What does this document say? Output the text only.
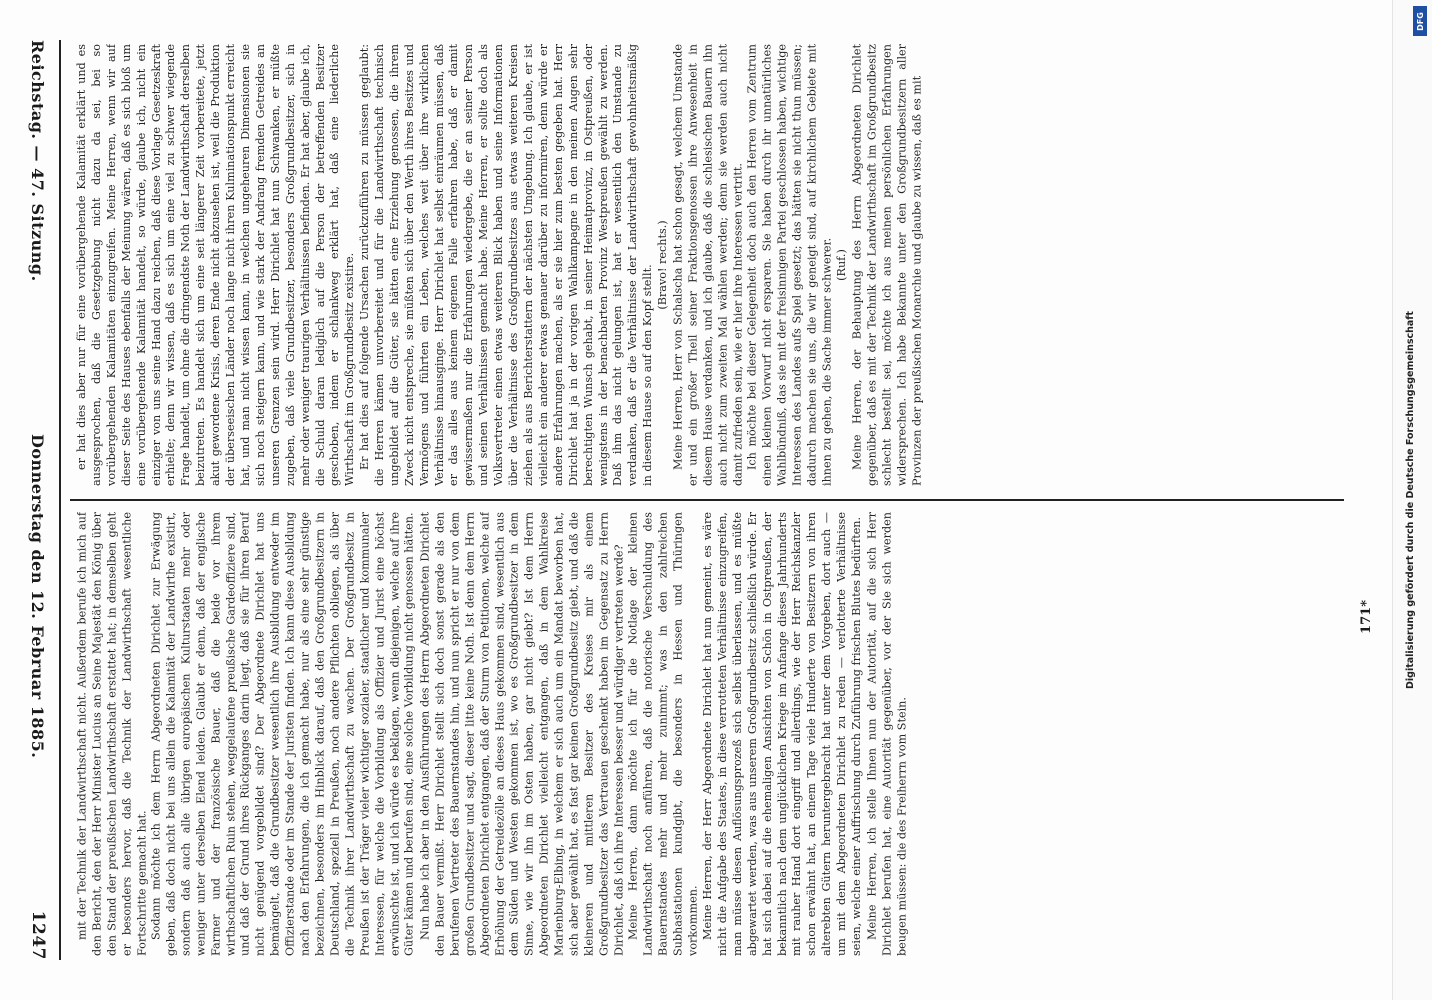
Reichstag. — 47. Sitzung.
Donnerstag den 12. Februar 1885.
1247

er hat dies aber nur für eine vorübergehende Kalamität erklärt und es ausgesprochen, daß die Gesetzgebung nicht dazu da sei, bei so vorübergehenden Kalamitäten einzugreifen. Meine Herren, wenn wir auf dieser Seite des Hauses ebenfalls der Meinung wären, daß es sich bloß um eine vorübergehende Kalamität handelt, so würde, glaube ich, nicht ein einziger von uns seine Hand dazu reichen, daß diese Vorlage Gesetzeskraft erhielte; denn wir wissen, daß es sich um eine viel zu schwer wiegende Frage handelt, um ohne die dringendste Noth der Landwirthschaft derselben beizutreten. Es handelt sich um eine seit längerer Zeit vorbereitete, jetzt akut gewordene Krisis, deren Ende nicht abzusehen ist, weil die Produktion der überseeischen Länder noch lange nicht ihren Kulminationspunkt erreicht hat, und man nicht wissen kann, in welchen ungeheuren Dimensionen sie sich noch steigern kann, und wie stark der Andrang fremden Getreides an unseren Grenzen sein wird. Herr Dirichlet hat nun Schwanken, er müßte zugeben, daß viele Grundbesitzer, besonders Großgrundbesitzer, sich in mehr oder weniger traurigen Verhältnissen befinden. Er hat aber, glaube ich, die Schuld daran lediglich auf die Person der betreffenden Besitzer geschoben, indem er schlankweg erklärt hat, daß eine liederliche Wirthschaft im Großgrundbesitz existire. Er hat dies auf folgende Ursachen zurückzuführen zu müssen geglaubt: die Herren kämen unvorbereitet und für die Landwirthschaft technisch ungebildet auf die Güter, sie hätten eine Erziehung genossen, die ihrem Zweck nicht entspreche, sie müßten sich über den Werth ihres Besitzes und Vermögens und führten ein Leben, welches weit über ihre wirklichen Verhältnisse hinausginge. Herr Dirichlet hat selbst einräumen müssen, daß er das alles aus keinem eigenen Falle erfahren habe, daß er damit gewissermaßen nur die Erfahrungen wiedergebe, die er an seiner Person und seinen Verhältnissen gemacht habe. Meine Herren, er sollte doch als Volksvertreter einen etwas weiteren Blick haben und seine Informationen über die Verhältnisse des Großgrundbesitzes aus etwas weiteren Kreisen ziehen als aus Berichterstattern der nächsten Umgebung. Ich glaube, er ist vielleicht ein anderer etwas genauer darüber zu informiren, denn würde er andere Erfahrungen machen, als er sie hier zum besten gegeben hat. Herr Dirichlet hat ja in der vorigen Wahlkampagne in den meinen Augen sehr berechtigten Wunsch gehabt, in seiner Heimatprovinz, in Ostpreußen, oder wenigstens in der benachbarten Provinz Westpreußen gewählt zu werden. Daß ihm das nicht gelungen ist, hat er wesentlich den Umstande zu verdanken, daß er die Verhältnisse der Landwirthschaft gewohnheitsmäßig in diesem Hause so auf den Kopf stellt. (Bravo! rechts.) Meine Herren, Herr von Schalscha hat schon gesagt, welchem Umstande er und ein großer Theil seiner Fraktionsgenossen ihre Anwesenheit in diesem Hause verdanken, und ich glaube, daß die schlesischen Bauern ihn auch nicht zum zweiten Mal wählen werden; denn sie werden auch nicht damit zufrieden sein, wie er hier ihre Interessen vertritt. Ich möchte bei dieser Gelegenheit doch auch den Herren vom Zentrum einen kleinen Vorwurf nicht ersparen. Sie haben durch ihr unnatürliches Wahlbündniß, das sie mit der freisinnigen Partei geschlossen haben, wichtige Interessen des Landes aufs Spiel gesetzt; das hätten sie nicht thun müssen; dadurch machen sie uns, die wir geneigt sind, auf kirchlichem Gebiete mit ihnen zu gehen, die Sache immer schwerer. (Ruf.) Meine Herren, der Behauptung des Herrn Abgeordneten Dirichlet gegenüber, daß es mit der Technik der Landwirthschaft im Großgrundbesitz schlecht bestellt sei, möchte ich aus meinen persönlichen Erfahrungen widersprechen. Ich habe Bekannte unter den Großgrundbesitzern aller Provinzen der preußischen Monarchie und glaube zu wissen, daß es mit

mit der Technik der Landwirthschaft nicht. Außerdem berufe ich mich auf den Bericht, den der Herr Minister Lucius an Seine Majestät den König über den Stand der preußischen Landwirthschaft erstattet hat; in demselben geht er besonders hervor, daß die Technik der Landwirthschaft wesentliche Fortschritte gemacht hat. Sodann möchte ich dem Herrn Abgeordneten Dirichlet zur Erwägung geben, daß doch nicht bei uns allein die Kalamität der Landwirthe existirt, sondern daß auch alle übrigen europäischen Kulturstaaten mehr oder weniger unter derselben Elend leiden. Glaubt er denn, daß der englische Farmer und der französische Bauer, daß die beide vor ihrem wirthschaftlichen Ruin stehen, weggelaufene preußische Gardeoffiziere sind, und daß der Grund ihres Rückganges darin liegt, daß sie für ihren Beruf nicht genügend vorgebildet sind? Der Abgeordnete Dirichlet hat uns bemängelt, daß die Grundbesitzer wesentlich ihre Ausbildung entweder im Offizierstande oder im Stande der Juristen finden. Ich kann diese Ausbildung nach den Erfahrungen, die ich gemacht habe, nur als eine sehr günstige bezeichnen, besonders im Hinblick darauf, daß den Großgrundbesitzern in Deutschland, speziell in Preußen, noch andere Pflichten obliegen, als über die Technik ihrer Landwirthschaft zu wachen. Der Großgrundbesitz in Preußen ist der Träger vieler wichtiger sozialer, staatlicher und kommunaler Interessen, für welche die Vorbildung als Offizier und Jurist eine höchst erwünschte ist, und ich würde es beklagen, wenn diejenigen, welche auf ihre Güter kämen und berufen sind, eine solche Vorbildung nicht genossen hätten. Nun habe ich aber in den Ausführungen des Herrn Abgeordneten Dirichlet den Bauer vermißt. Herr Dirichlet stellt sich doch sonst gerade als den berufenen Vertreter des Bauernstandes hin, und nun spricht er nur von dem großen Grundbesitzer und sagt, dieser litte keine Noth. Ist denn dem Herrn Abgeordneten Dirichlet entgangen, daß der Sturm von Petitionen, welche auf Erhöhung der Getreidezölle an dieses Haus gekommen sind, wesentlich aus dem Süden und Westen gekommen ist, wo es Großgrundbesitzer in dem Sinne, wie wir ihn im Osten haben, gar nicht giebt? Ist dem Herrn Abgeordneten Dirichlet vielleicht entgangen, daß in dem Wahlkreise Marienburg-Elbing, in welchem er sich auch um ein Mandat beworben hat, sich aber gewählt hat, es fast gar keinen Großgrundbesitz giebt, und daß die kleineren und mittleren Besitzer des Kreises mir als einem Großgrundbesitzer das Vertrauen geschenkt haben im Gegensatz zu Herrn Dirichlet, daß ich ihre Interessen besser und würdiger vertreten werde? Meine Herren, dann möchte ich für die Notlage der kleinen Landwirthschaft noch anführen, daß die notorische Verschuldung des Bauernstandes mehr und mehr zunimmt; was in den zahlreichen Subhastationen kundgibt, die besonders in Hessen und Thüringen vorkommen. Meine Herren, der Herr Abgeordnete Dirichlet hat nun gemeint, es wäre nicht die Aufgabe des Staates, in diese verrotteten Verhältnisse einzugreifen, man müsse diesen Auflösungsprozeß sich selbst überlassen, und es müßte abgewartet werden, was aus unserem Großgrundbesitz schließlich würde. Er hat sich dabei auf die ehemaligen Ansichten von Schön in Ostpreußen, der bekanntlich nach dem unglücklichen Kriege im Anfange dieses Jahrhunderts mit rauher Hand dort eingriff und allerdings, wie der Herr Reichskanzler schon erwähnt hat, an einem Tage viele Hunderte von Besitzern von ihren alterebten Gütern heruntergebracht hat unter dem Vorgeben, dort auch — um mit dem Abgeordneten Dirichlet zu reden — verlotterte Verhältnisse seien, welche einer Auffrischung durch Zuführung frischen Blutes bedürften. Meine Herren, ich stelle Ihnen nun der Autorität, auf die sich Herr Dirichlet berufen hat, eine Autorität gegenüber, vor der Sie sich werden beugen müssen: die des Freiherrn vom Stein.

171*	Digitalisierung gefördert durch die Deutsche Forschungsgemeinschaft
DFG
